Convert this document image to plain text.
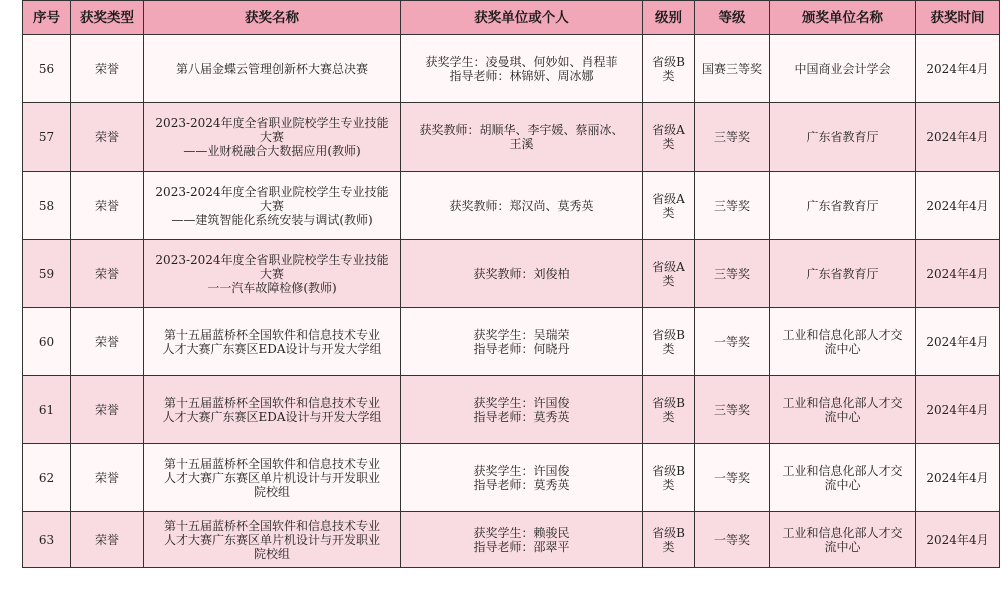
序号	获奖类型	获奖名称	获奖单位或个人	级别	等级	颁奖单位名称	获奖时间
56	荣誉	第八届金蝶云管理创新杯大赛总决赛	获奖学生：凌曼琪、何妙如、肖程菲
指导老师：林锦妍、周冰娜	省级B
类	国赛三等奖	中国商业会计学会	2024年4月
57	荣誉	2023-2024年度全省职业院校学生专业技能
大赛
——业财税融合大数据应用(教师)	获奖教师：胡顺华、李宇媛、蔡丽冰、
王溪	省级A
类	三等奖	广东省教育厅	2024年4月
58	荣誉	2023-2024年度全省职业院校学生专业技能
大赛
——建筑智能化系统安装与调试(教师)	获奖教师：郑汉尚、莫秀英	省级A
类	三等奖	广东省教育厅	2024年4月
59	荣誉	2023-2024年度全省职业院校学生专业技能
大赛
一一汽车故障检修(教师)	获奖教师：刘俊柏	省级A
类	三等奖	广东省教育厅	2024年4月
60	荣誉	第十五届蓝桥杯全国软件和信息技术专业
人才大赛广东赛区EDA设计与开发大学组	获奖学生：吴瑞荣
指导老师：何晓丹	省级B
类	一等奖	工业和信息化部人才交
流中心	2024年4月
61	荣誉	第十五届蓝桥杯全国软件和信息技术专业
人才大赛广东赛区EDA设计与开发大学组	获奖学生：许国俊
指导老师：莫秀英	省级B
类	三等奖	工业和信息化部人才交
流中心	2024年4月
62	荣誉	第十五届蓝桥杯全国软件和信息技术专业
人才大赛广东赛区单片机设计与开发职业
院校组	获奖学生：许国俊
指导老师：莫秀英	省级B
类	一等奖	工业和信息化部人才交
流中心	2024年4月
63	荣誉	第十五届蓝桥杯全国软件和信息技术专业
人才大赛广东赛区单片机设计与开发职业
院校组	获奖学生：赖骏民
指导老师：邵翠平	省级B
类	一等奖	工业和信息化部人才交
流中心	2024年4月
